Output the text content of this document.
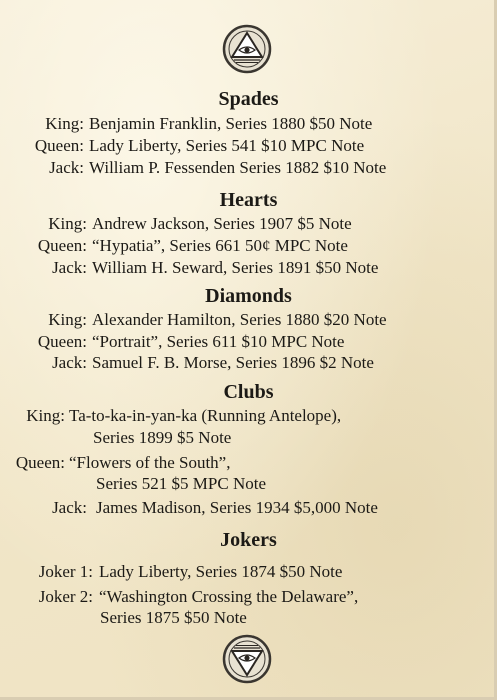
Spades
King: Benjamin Franklin, Series 1880 $50 Note
Queen: Lady Liberty, Series 541 $10 MPC Note
Jack: William P. Fessenden Series 1882 $10 Note
Hearts
King: Andrew Jackson, Series 1907 $5 Note
Queen: “Hypatia”, Series 661 50¢ MPC Note
Jack: William H. Seward, Series 1891 $50 Note
Diamonds
King: Alexander Hamilton, Series 1880 $20 Note
Queen: “Portrait”, Series 611 $10 MPC Note
Jack: Samuel F. B. Morse, Series 1896 $2 Note
Clubs
King: Ta-to-ka-in-yan-ka (Running Antelope),
Series 1899 $5 Note
Queen: “Flowers of the South”,
Series 521 $5 MPC Note
Jack: James Madison, Series 1934 $5,000 Note
Jokers
Joker 1: Lady Liberty, Series 1874 $50 Note
Joker 2: “Washington Crossing the Delaware”,
Series 1875 $50 Note
